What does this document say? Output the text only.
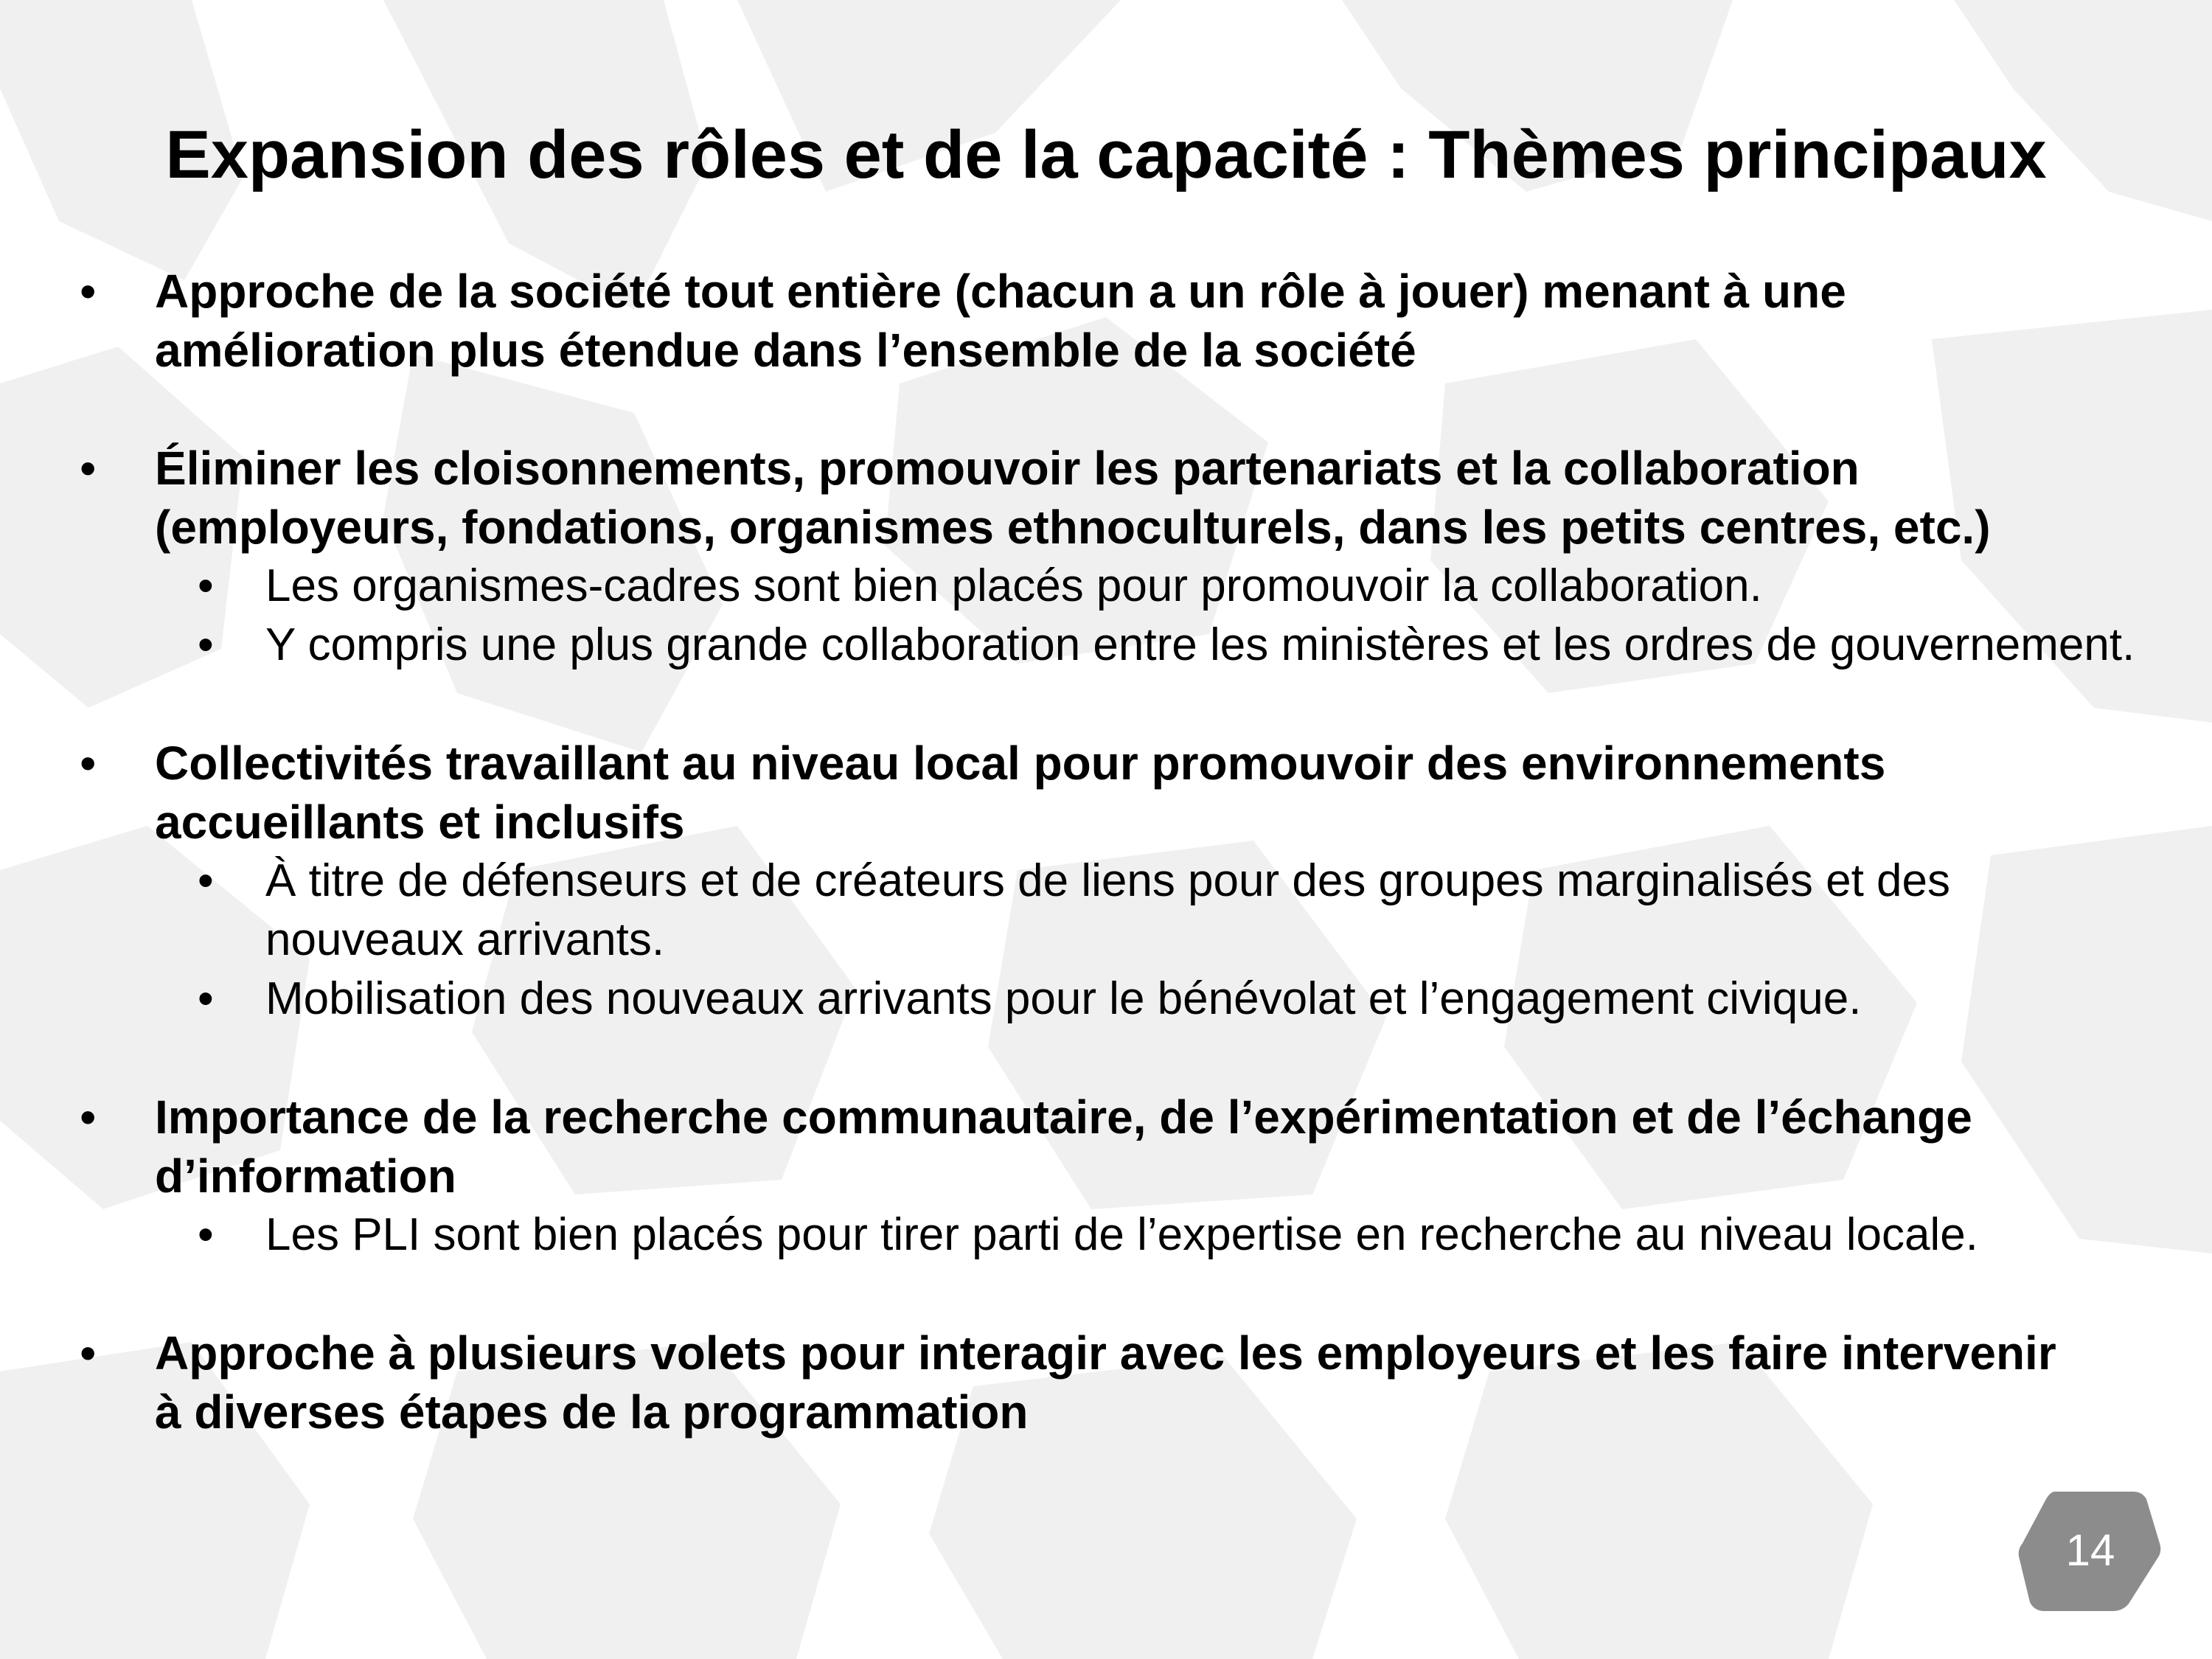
Expansion des rôles et de la capacité : Thèmes principaux
• Approche de la société tout entière (chacun a un rôle à jouer) menant à une amélioration plus étendue dans l’ensemble de la société
• Éliminer les cloisonnements, promouvoir les partenariats et la collaboration (employeurs, fondations, organismes ethnoculturels, dans les petits centres, etc.)
• Les organismes-cadres sont bien placés pour promouvoir la collaboration.
• Y compris une plus grande collaboration entre les ministères et les ordres de gouvernement.
• Collectivités travaillant au niveau local pour promouvoir des environnements accueillants et inclusifs
• À titre de défenseurs et de créateurs de liens pour des groupes marginalisés et des nouveaux arrivants.
• Mobilisation des nouveaux arrivants pour le bénévolat et l’engagement civique.
• Importance de la recherche communautaire, de l’expérimentation et de l’échange d’information
• Les PLI sont bien placés pour tirer parti de l’expertise en recherche au niveau locale.
• Approche à plusieurs volets pour interagir avec les employeurs et les faire intervenir à diverses étapes de la programmation
14
